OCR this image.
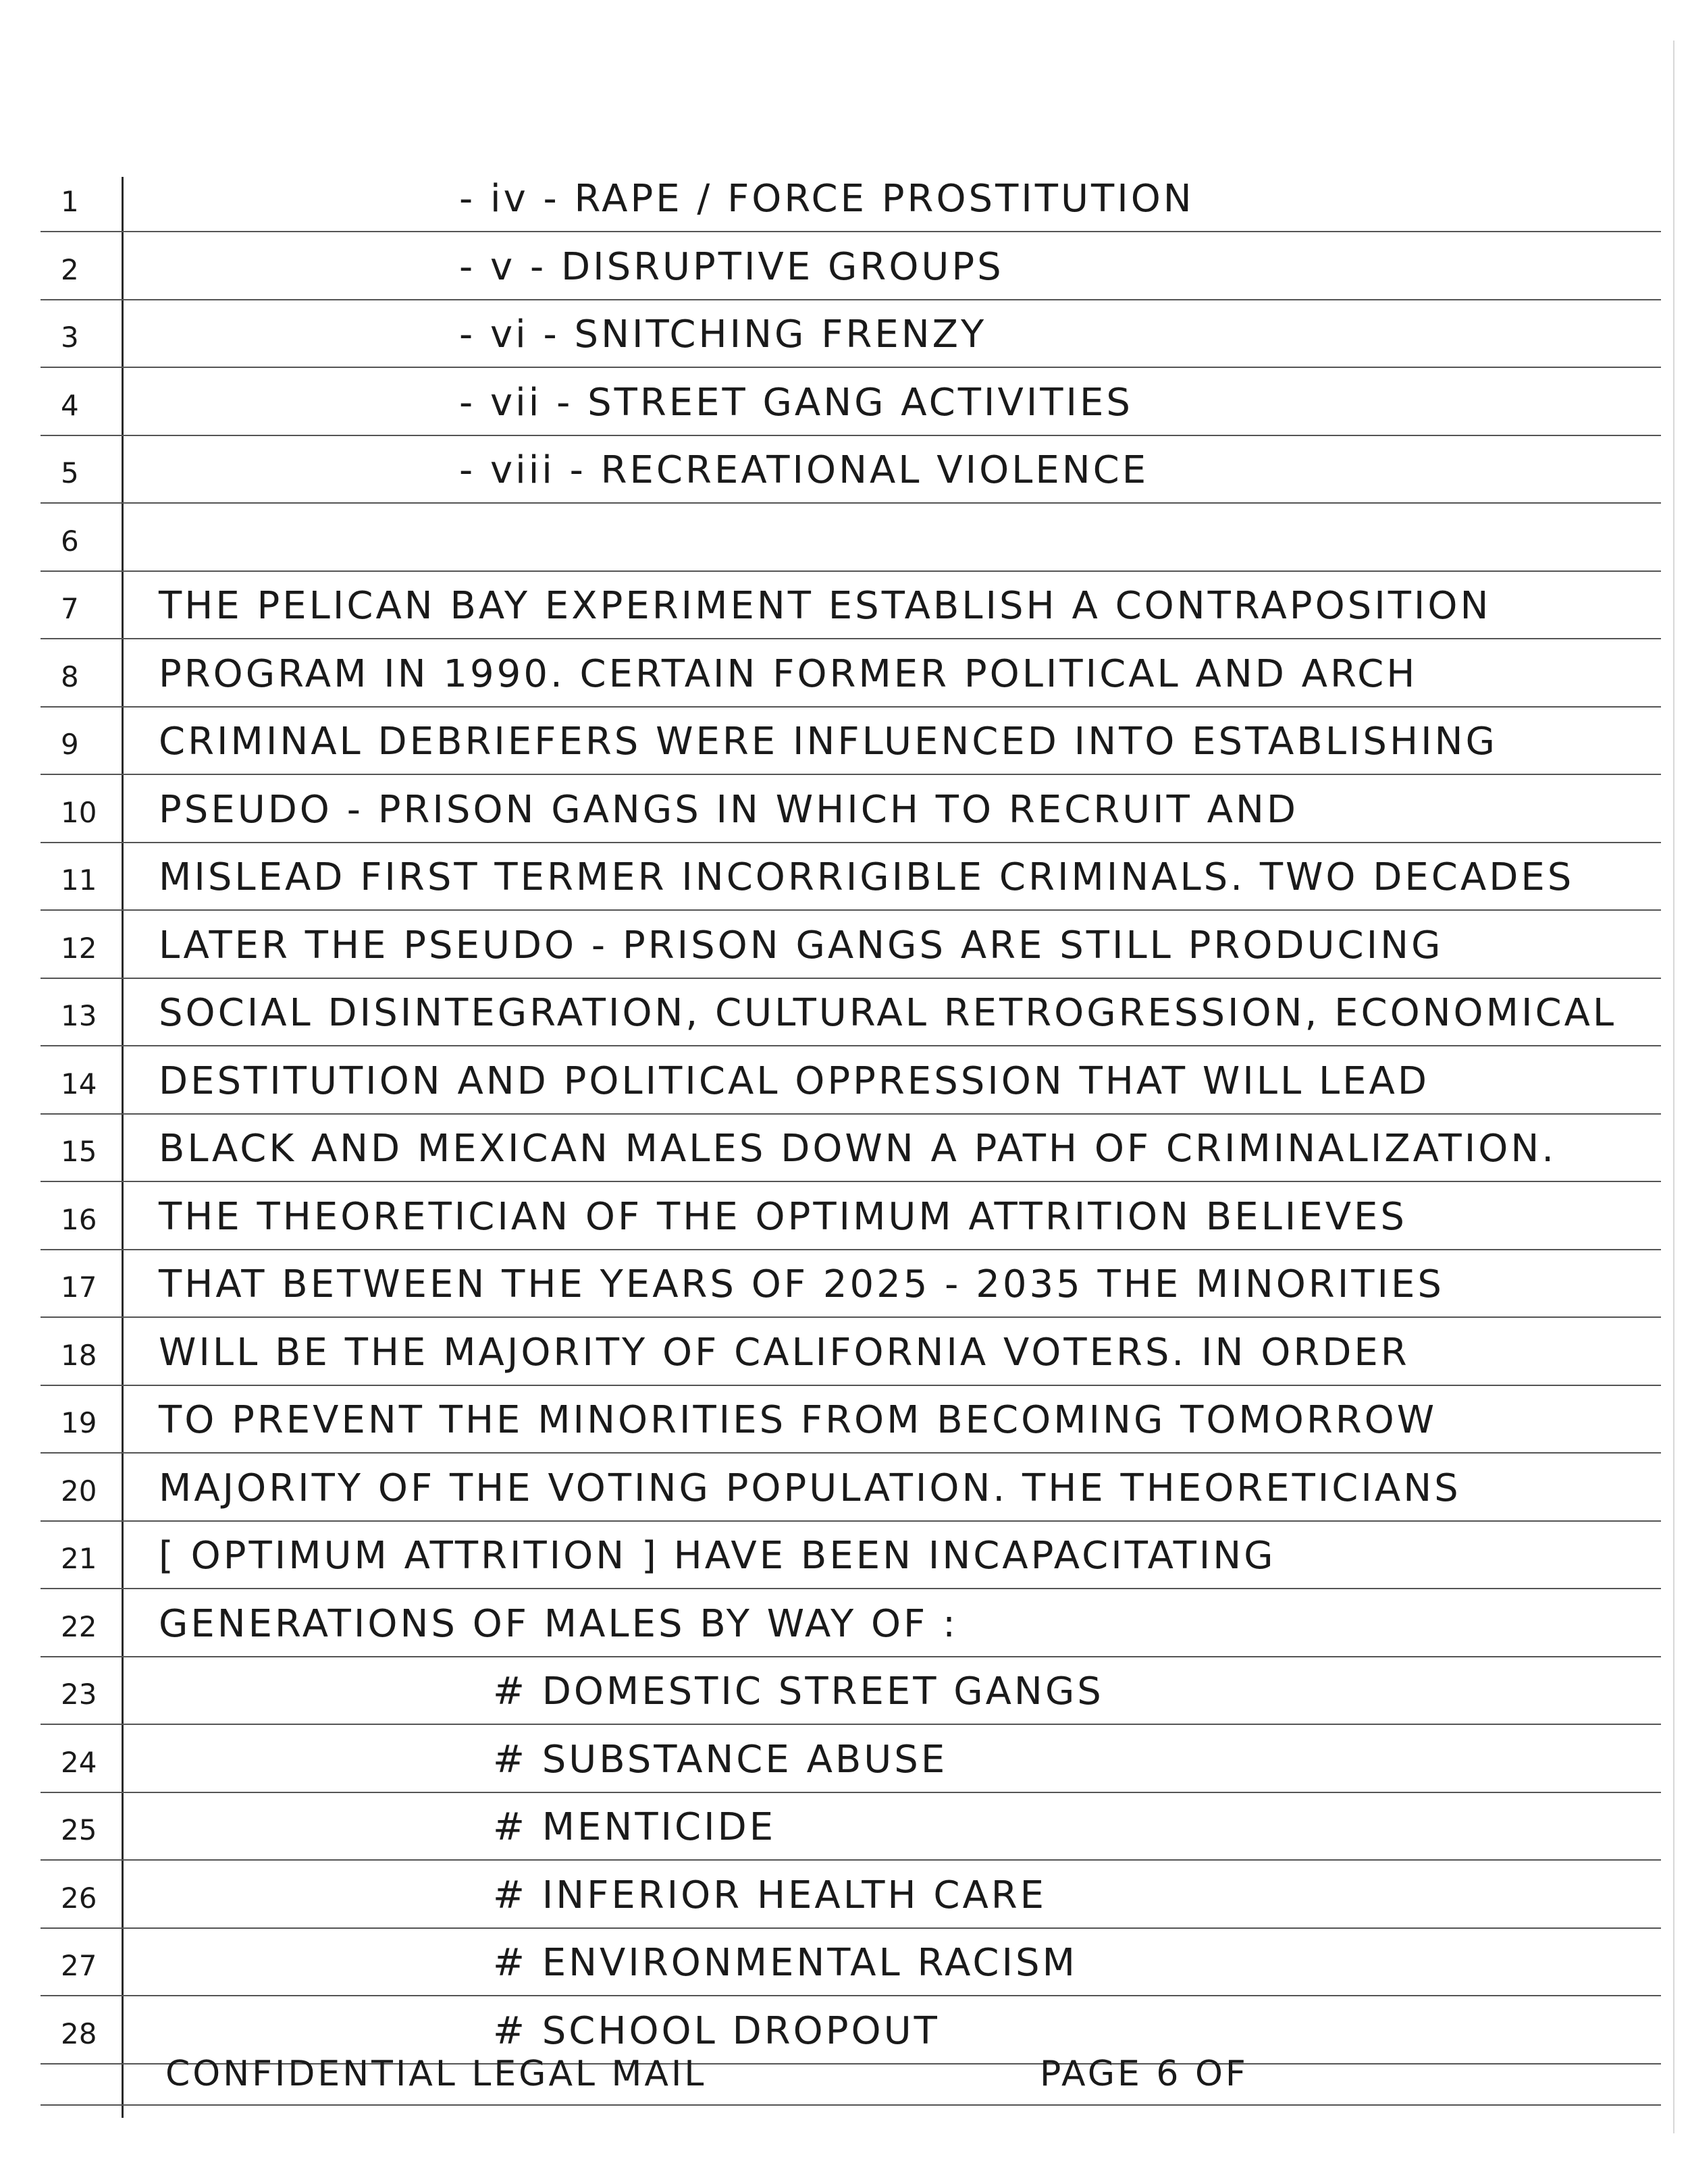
1	- iv - RAPE / FORCE PROSTITUTION
2	- v - DISRUPTIVE GROUPS
3	- vi - SNITCHING FRENZY
4	- vii - STREET GANG ACTIVITIES
5	- viii - RECREATIONAL VIOLENCE
6
7	THE PELICAN BAY EXPERIMENT ESTABLISH A CONTRAPOSITION
8	PROGRAM IN 1990. CERTAIN FORMER POLITICAL AND ARCH
9	CRIMINAL DEBRIEFERS WERE INFLUENCED INTO ESTABLISHING
10	PSEUDO - PRISON GANGS IN WHICH TO RECRUIT AND
11	MISLEAD FIRST TERMER INCORRIGIBLE CRIMINALS. TWO DECADES
12	LATER THE PSEUDO - PRISON GANGS ARE STILL PRODUCING
13	SOCIAL DISINTEGRATION, CULTURAL RETROGRESSION, ECONOMICAL
14	DESTITUTION AND POLITICAL OPPRESSION THAT WILL LEAD
15	BLACK AND MEXICAN MALES DOWN A PATH OF CRIMINALIZATION.
16	THE THEORETICIAN OF THE OPTIMUM ATTRITION BELIEVES
17	THAT BETWEEN THE YEARS OF 2025 - 2035 THE MINORITIES
18	WILL BE THE MAJORITY OF CALIFORNIA VOTERS. IN ORDER
19	TO PREVENT THE MINORITIES FROM BECOMING TOMORROW
20	MAJORITY OF THE VOTING POPULATION. THE THEORETICIANS
21	[ OPTIMUM ATTRITION ] HAVE BEEN INCAPACITATING
22	GENERATIONS OF MALES BY WAY OF :
23	# DOMESTIC STREET GANGS
24	# SUBSTANCE ABUSE
25	# MENTICIDE
26	# INFERIOR HEALTH CARE
27	# ENVIRONMENTAL RACISM
28	# SCHOOL DROPOUT
CONFIDENTIAL LEGAL MAIL	PAGE 6 OF
